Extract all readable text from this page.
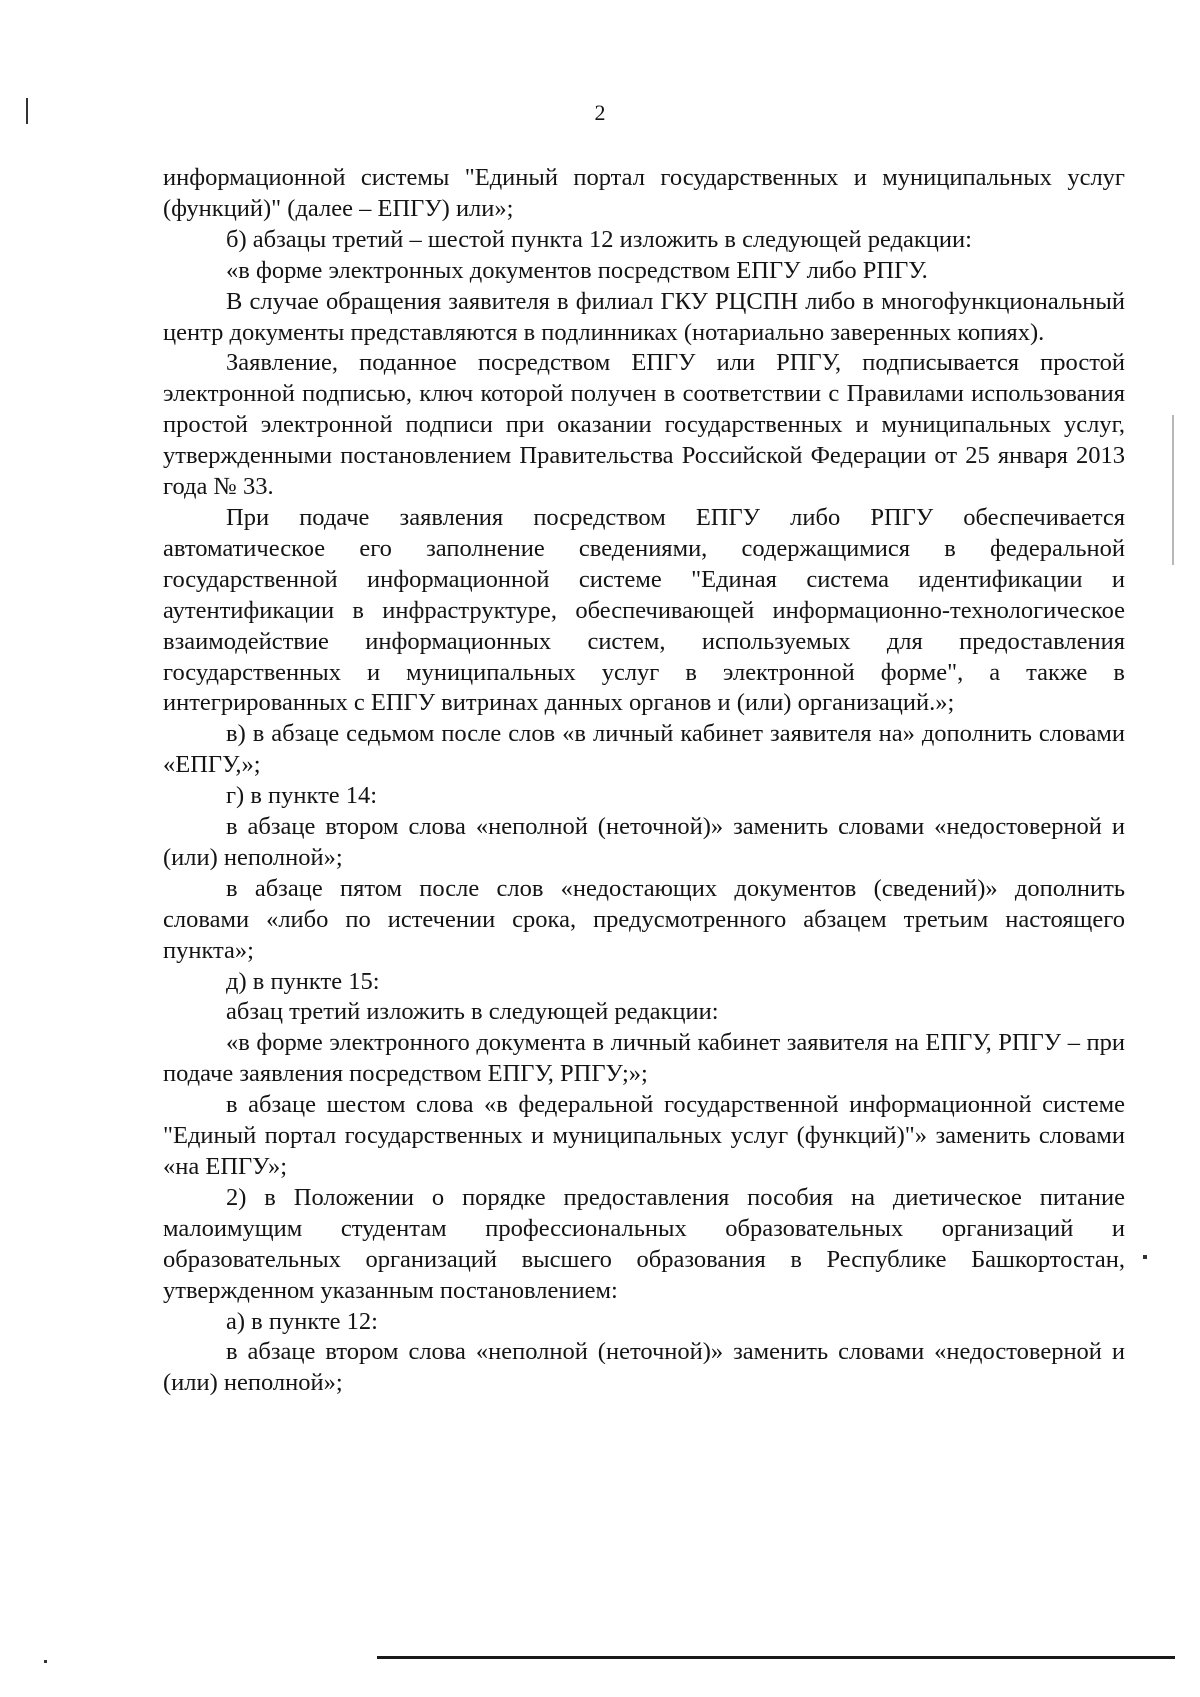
2

информационной системы "Единый портал государственных и муниципальных услуг (функций)" (далее – ЕПГУ) или»;

б) абзацы третий – шестой пункта 12 изложить в следующей редакции:

«в форме электронных документов посредством ЕПГУ либо РПГУ.

В случае обращения заявителя в филиал ГКУ РЦСПН либо в многофункциональный центр документы представляются в подлинниках (нотариально заверенных копиях).

Заявление, поданное посредством ЕПГУ или РПГУ, подписывается простой электронной подписью, ключ которой получен в соответствии с Правилами использования простой электронной подписи при оказании государственных и муниципальных услуг, утвержденными постановлением Правительства Российской Федерации от 25 января 2013 года № 33.

При подаче заявления посредством ЕПГУ либо РПГУ обеспечивается автоматическое его заполнение сведениями, содержащимися в федеральной государственной информационной системе "Единая система идентификации и аутентификации в инфраструктуре, обеспечивающей информационно-технологическое взаимодействие информационных систем, используемых для предоставления государственных и муниципальных услуг в электронной форме", а также в интегрированных с ЕПГУ витринах данных органов и (или) организаций.»;

в) в абзаце седьмом после слов «в личный кабинет заявителя на» дополнить словами «ЕПГУ,»;

г) в пункте 14:

в абзаце втором слова «неполной (неточной)» заменить словами «недостоверной и (или) неполной»;

в абзаце пятом после слов «недостающих документов (сведений)» дополнить словами «либо по истечении срока, предусмотренного абзацем третьим настоящего пункта»;

д) в пункте 15:

абзац третий изложить в следующей редакции:

«в форме электронного документа в личный кабинет заявителя на ЕПГУ, РПГУ – при подаче заявления посредством ЕПГУ, РПГУ;»;

в абзаце шестом слова «в федеральной государственной информационной системе "Единый портал государственных и муниципальных услуг (функций)"» заменить словами «на ЕПГУ»;

2) в Положении о порядке предоставления пособия на диетическое питание малоимущим студентам профессиональных образовательных организаций и образовательных организаций высшего образования в Республике Башкортостан, утвержденном указанным постановлением:

а) в пункте 12:

в абзаце втором слова «неполной (неточной)» заменить словами «недостоверной и (или) неполной»;
